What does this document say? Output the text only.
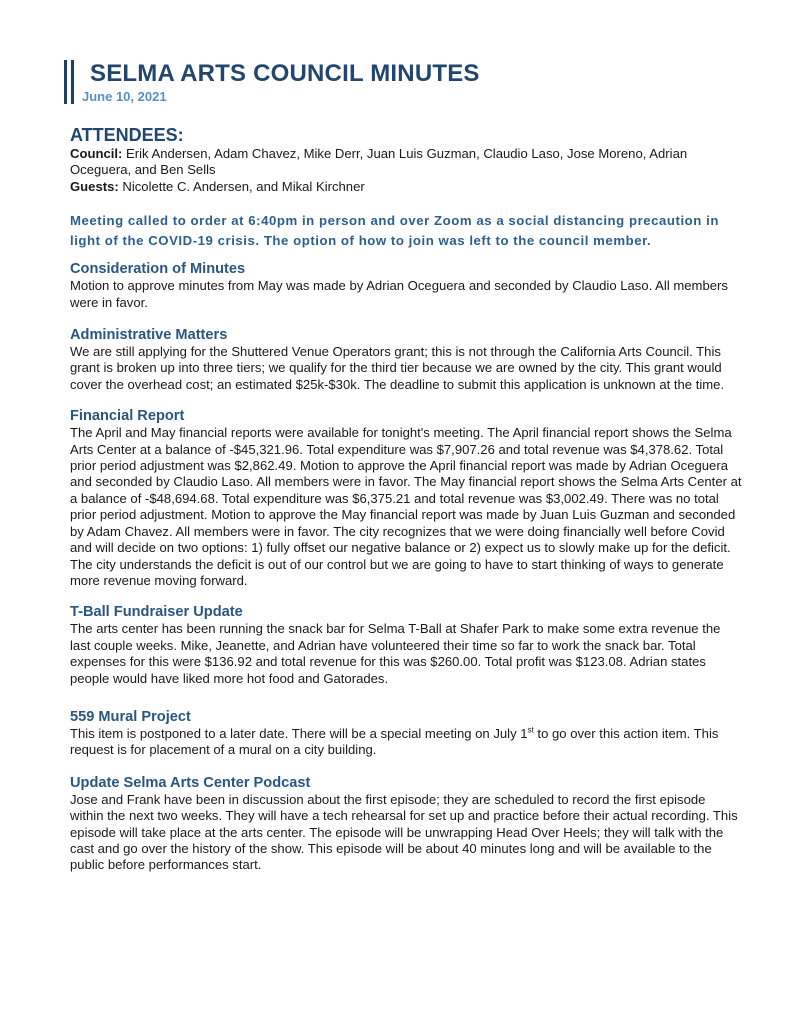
SELMA ARTS COUNCIL MINUTES
June 10, 2021
ATTENDEES:

Council: Erik Andersen, Adam Chavez, Mike Derr, Juan Luis Guzman, Claudio Laso, Jose Moreno, Adrian Oceguera, and Ben Sells

Guests: Nicolette C. Andersen, and Mikal Kirchner

Meeting called to order at 6:40pm in person and over Zoom as a social distancing precaution in light of the COVID-19 crisis. The option of how to join was left to the council member.

Consideration of Minutes

Motion to approve minutes from May was made by Adrian Oceguera and seconded by Claudio Laso. All members were in favor.

Administrative Matters

We are still applying for the Shuttered Venue Operators grant; this is not through the California Arts Council. This grant is broken up into three tiers; we qualify for the third tier because we are owned by the city. This grant would cover the overhead cost; an estimated $25k-$30k. The deadline to submit this application is unknown at the time.

Financial Report

The April and May financial reports were available for tonight's meeting. The April financial report shows the Selma Arts Center at a balance of -$45,321.96. Total expenditure was $7,907.26 and total revenue was $4,378.62. Total prior period adjustment was $2,862.49. Motion to approve the April financial report was made by Adrian Oceguera and seconded by Claudio Laso. All members were in favor. The May financial report shows the Selma Arts Center at a balance of -$48,694.68. Total expenditure was $6,375.21 and total revenue was $3,002.49. There was no total prior period adjustment. Motion to approve the May financial report was made by Juan Luis Guzman and seconded by Adam Chavez. All members were in favor. The city recognizes that we were doing financially well before Covid and will decide on two options: 1) fully offset our negative balance or 2) expect us to slowly make up for the deficit. The city understands the deficit is out of our control but we are going to have to start thinking of ways to generate more revenue moving forward.

T-Ball Fundraiser Update

The arts center has been running the snack bar for Selma T-Ball at Shafer Park to make some extra revenue the last couple weeks. Mike, Jeanette, and Adrian have volunteered their time so far to work the snack bar. Total expenses for this were $136.92 and total revenue for this was $260.00. Total profit was $123.08. Adrian states people would have liked more hot food and Gatorades.

559 Mural Project

This item is postponed to a later date. There will be a special meeting on July 1st to go over this action item. This request is for placement of a mural on a city building.

Update Selma Arts Center Podcast

Jose and Frank have been in discussion about the first episode; they are scheduled to record the first episode within the next two weeks. They will have a tech rehearsal for set up and practice before their actual recording. This episode will take place at the arts center. The episode will be unwrapping Head Over Heels; they will talk with the cast and go over the history of the show. This episode will be about 40 minutes long and will be available to the public before performances start.
